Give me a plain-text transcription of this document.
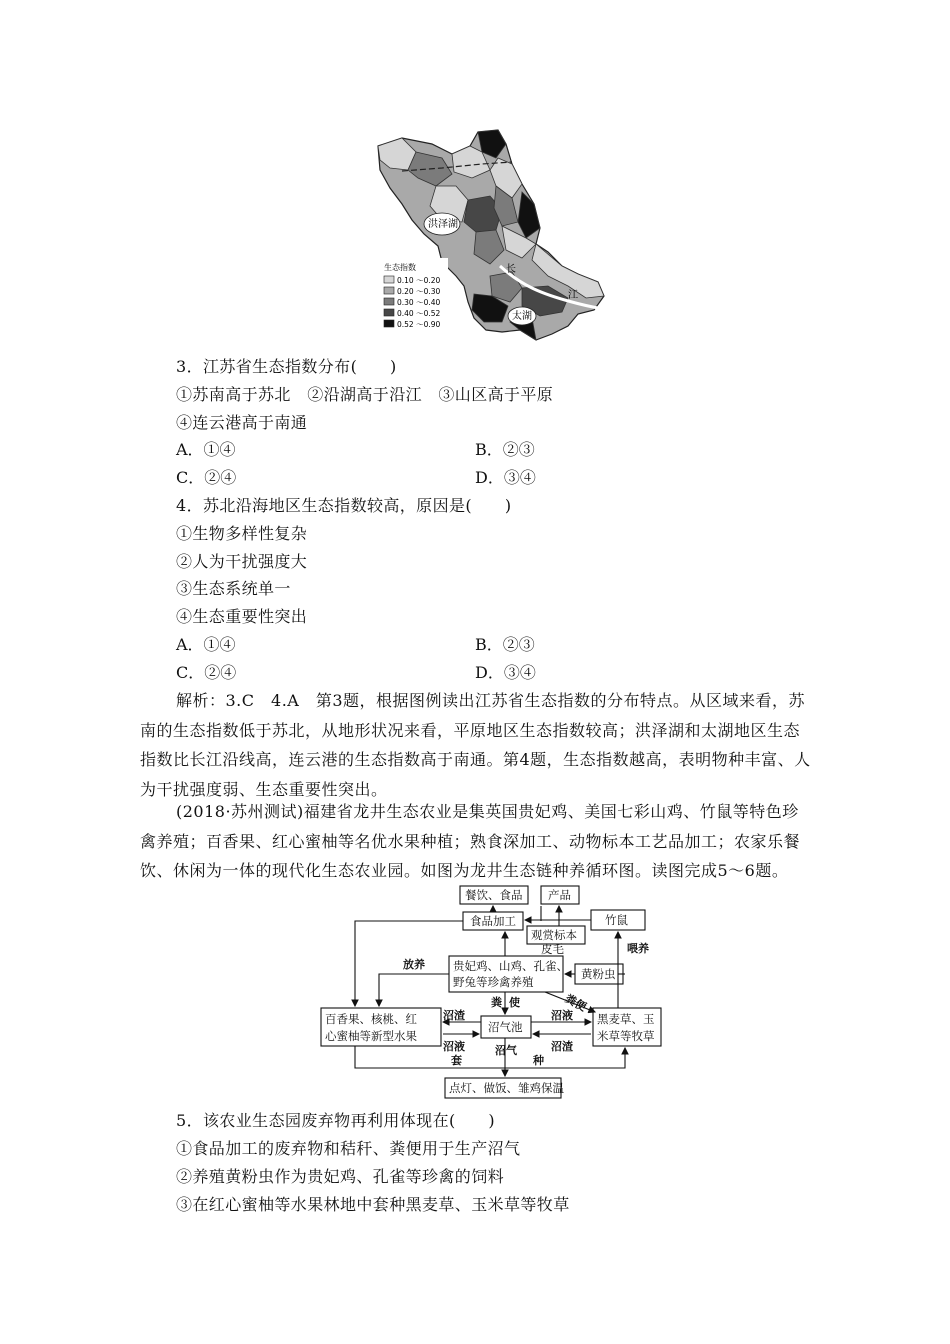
洪泽湖
太湖
长
江
生态指数
0.10 ～0.20
0.20 ～0.30
0.30 ～0.40
0.40 ～0.52
0.52 ～0.90
3．江苏省生态指数分布(　　)
①苏南高于苏北　②沿湖高于沿江　③山区高于平原
④连云港高于南通
A．①④	B．②③
C．②④	D．③④
4．苏北沿海地区生态指数较高，原因是(　　)
①生物多样性复杂
②人为干扰强度大
③生态系统单一
④生态重要性突出
A．①④	B．②③
C．②④	D．③④
解析：3.C　4.A　第3题，根据图例读出江苏省生态指数的分布特点。从区域来看，苏南的生态指数低于苏北，从地形状况来看，平原地区生态指数较高；洪泽湖和太湖地区生态指数比长江沿线高，连云港的生态指数高于南通。第4题，生态指数越高，表明物种丰富、人为干扰强度弱、生态重要性突出。
(2018·苏州测试)福建省龙井生态农业是集英国贵妃鸡、美国七彩山鸡、竹鼠等特色珍禽养殖；百香果、红心蜜柚等名优水果种植；熟食深加工、动物标本工艺品加工；农家乐餐饮、休闲为一体的现代化生态农业园。如图为龙井生态链种养循环图。读图完成5～6题。
餐饮、食品 产品
食品加工	竹鼠
观赏标本
皮毛
贵妃鸡、山鸡、孔雀、
野兔等珍禽养殖
黄粉虫
百香果、核桃、红
心蜜柚等新型水果
沼气池
黑麦草、玉
米草等牧草
点灯、做饭、雏鸡保温
放养
喂养
粪 使	粪便
沼渣
沼液
沼液
沼渣
沼气
套	种
5．该农业生态园废弃物再利用体现在(　　)
①食品加工的废弃物和秸秆、粪便用于生产沼气
②养殖黄粉虫作为贵妃鸡、孔雀等珍禽的饲料
③在红心蜜柚等水果林地中套种黑麦草、玉米草等牧草
